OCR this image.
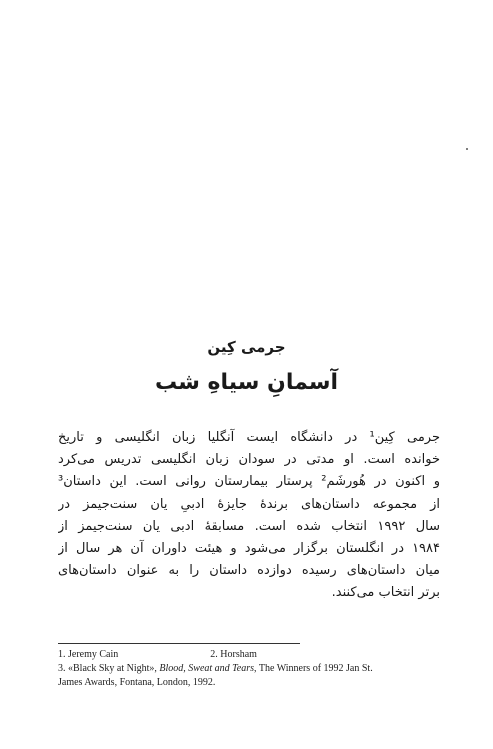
جرمی کِین
آسمانِ سیاهِ شب
جرمی کِین¹ در دانشگاه ایست آنگلیا زبان انگلیسی و تاریخ
خوانده است. او مدتی در سودان زبان انگلیسی تدریس می‌کرد
و اکنون در هُورشَم² پرستار بیمارستان روانی است. این داستان³
از مجموعه داستان‌های برندهٔ جایزهٔ ادبیِ یان سنت‌جیمز در
سال ۱۹۹۲ انتخاب شده است. مسابقهٔ ادبی یان سنت‌جیمز از
۱۹۸۴ در انگلستان برگزار می‌شود و هیئت داوران آن هر سال از
میان داستان‌های رسیده دوازده داستان را به عنوان داستان‌های
برتر انتخاب می‌کنند.
1. Jeremy Cain	2. Horsham
3. «Black Sky at Night», Blood, Sweat and Tears, The Winners of 1992 Jan St.
James Awards, Fontana, London, 1992.
